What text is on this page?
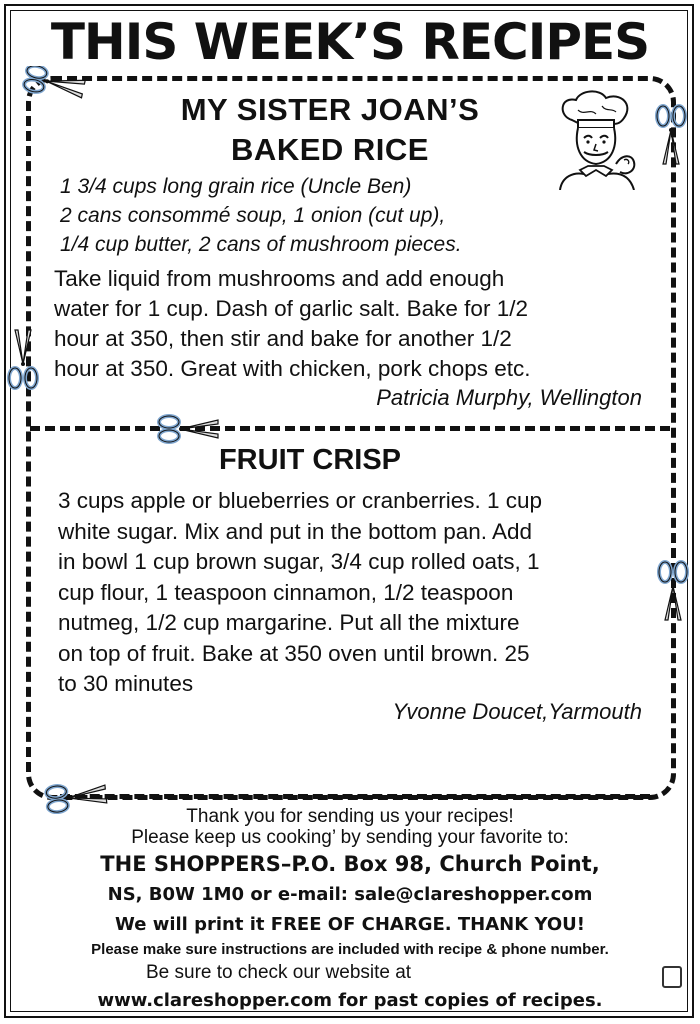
THIS WEEK’S RECIPES
MY SISTER JOAN’S
BAKED RICE
1 3/4 cups long grain rice (Uncle Ben)
2 cans consommé soup, 1 onion (cut up),
1/4 cup butter, 2 cans of mushroom pieces.
Take liquid from mushrooms and add enough
water for 1 cup. Dash of garlic salt. Bake for 1/2
hour at 350, then stir and bake for another 1/2
hour at 350. Great with chicken, pork chops etc.
Patricia Murphy, Wellington
FRUIT CRISP
3 cups apple or blueberries or cranberries. 1 cup
white sugar. Mix and put in the bottom pan. Add
in bowl 1 cup brown sugar, 3/4 cup rolled oats, 1
cup flour, 1 teaspoon cinnamon, 1/2 teaspoon
nutmeg, 1/2 cup margarine. Put all the mixture
on top of fruit. Bake at 350 oven until brown. 25
to 30 minutes
Yvonne Doucet,Yarmouth
Thank you for sending us your recipes!
Please keep us cooking’ by sending your favorite to:
THE SHOPPERS–P.O. Box 98, Church Point,
NS, B0W 1M0 or e-mail: sale@clareshopper.com
We will print it FREE OF CHARGE. THANK YOU!
Please make sure instructions are included with recipe & phone number.
Be sure to check our website at
www.clareshopper.com for past copies of recipes.
